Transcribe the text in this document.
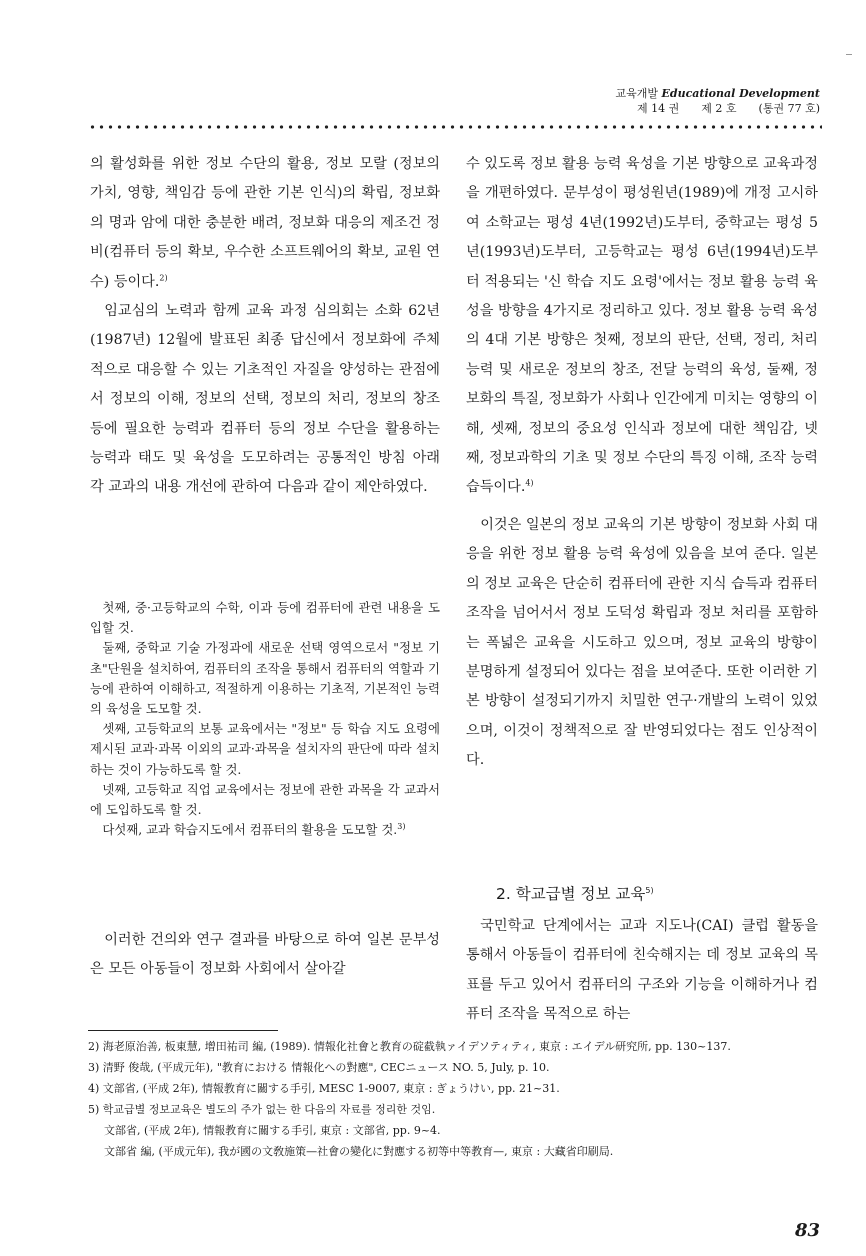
교육개발 Educational Development
제 14 권 제 2 호 (통권 77 호)

의 활성화를 위한 정보 수단의 활용, 정보 모랄 (정보의 가치, 영향, 책임감 등에 관한 기본 인식)의 확립, 정보화의 명과 암에 대한 충분한 배려, 정보화 대응의 제조건 정비(컴퓨터 등의 확보, 우수한 소프트웨어의 확보, 교원 연수) 등이다.$^{2)}$

임교심의 노력과 함께 교육 과정 심의회는 소화 62년(1987년) 12월에 발표된 최종 답신에서 정보화에 주체적으로 대응할 수 있는 기초적인 자질을 양성하는 관점에서 정보의 이해, 정보의 선택, 정보의 처리, 정보의 창조 등에 필요한 능력과 컴퓨터 등의 정보 수단을 활용하는 능력과 태도 및 육성을 도모하려는 공통적인 방침 아래 각 교과의 내용 개선에 관하여 다음과 같이 제안하였다.

첫째, 중·고등학교의 수학, 이과 등에 컴퓨터에 관련 내용을 도입할 것.

둘째, 중학교 기술 가정과에 새로운 선택 영역으로서 "정보 기초"단원을 설치하여, 컴퓨터의 조작을 통해서 컴퓨터의 역할과 기능에 관하여 이해하고, 적절하게 이용하는 기초적, 기본적인 능력의 육성을 도모할 것.

셋째, 고등학교의 보통 교육에서는 "정보" 등 학습 지도 요령에 제시된 교과·과목 이외의 교과·과목을 설치자의 판단에 따라 설치하는 것이 가능하도록 할 것.

넷째, 고등학교 직업 교육에서는 정보에 관한 과목을 각 교과서에 도입하도록 할 것.

다섯째, 교과 학습지도에서 컴퓨터의 활용을 도모할 것.$^{3)}$

이러한 건의와 연구 결과를 바탕으로 하여 일본 문부성은 모든 아동들이 정보화 사회에서 살아갈

수 있도록 정보 활용 능력 육성을 기본 방향으로 교육과정을 개편하였다. 문부성이 평성원년(1989)에 개정 고시하여 소학교는 평성 4년(1992년)도부터, 중학교는 평성 5년(1993년)도부터, 고등학교는 평성 6년(1994년)도부터 적용되는 '신 학습 지도 요령'에서는 정보 활용 능력 육성을 방향을 4가지로 정리하고 있다. 정보 활용 능력 육성의 4대 기본 방향은 첫째, 정보의 판단, 선택, 정리, 처리 능력 및 새로운 정보의 창조, 전달 능력의 육성, 둘째, 정보화의 특질, 정보화가 사회나 인간에게 미치는 영향의 이해, 셋째, 정보의 중요성 인식과 정보에 대한 책임감, 넷째, 정보과학의 기초 및 정보 수단의 특징 이해, 조작 능력 습득이다.$^{4)}$

이것은 일본의 정보 교육의 기본 방향이 정보화 사회 대응을 위한 정보 활용 능력 육성에 있음을 보여 준다. 일본의 정보 교육은 단순히 컴퓨터에 관한 지식 습득과 컴퓨터 조작을 넘어서서 정보 도덕성 확립과 정보 처리를 포함하는 폭넓은 교육을 시도하고 있으며, 정보 교육의 방향이 분명하게 설정되어 있다는 점을 보여준다. 또한 이러한 기본 방향이 설정되기까지 치밀한 연구·개발의 노력이 있었으며, 이것이 정책적으로 잘 반영되었다는 점도 인상적이다.

2. 학교급별 정보 교육$^{5)}$

국민학교 단계에서는 교과 지도나(CAI) 클럽 활동을 통해서 아동들이 컴퓨터에 친숙해지는 데 정보 교육의 목표를 두고 있어서 컴퓨터의 구조와 기능을 이해하거나 컴퓨터 조작을 목적으로 하는

2) 海老原治善, 板東慧, 增田祐司 編, (1989). 情報化社會と教育の碇截執ァイデソティティ, 東京 : エイデル研究所, pp. 130~137.

3) 清野 俊哉, (平成元年), "教育における 情報化への對應", CECニュース NO. 5, July, p. 10.

4) 文部省, (平成 2年), 情報教育に關する手引, MESC 1-9007, 東京 : ぎょうけい, pp. 21~31.

5) 학교급별 정보교육은 별도의 주가 없는 한 다음의 자료를 정리한 것임.

文部省, (平成 2年), 情報教育に關する手引, 東京 : 文部省, pp. 9~4.

文部省 編, (平成元年), 我が國の文敎施策—社會の變化に對應する初等中等教育—, 東京 : 大藏省印刷局.

83
